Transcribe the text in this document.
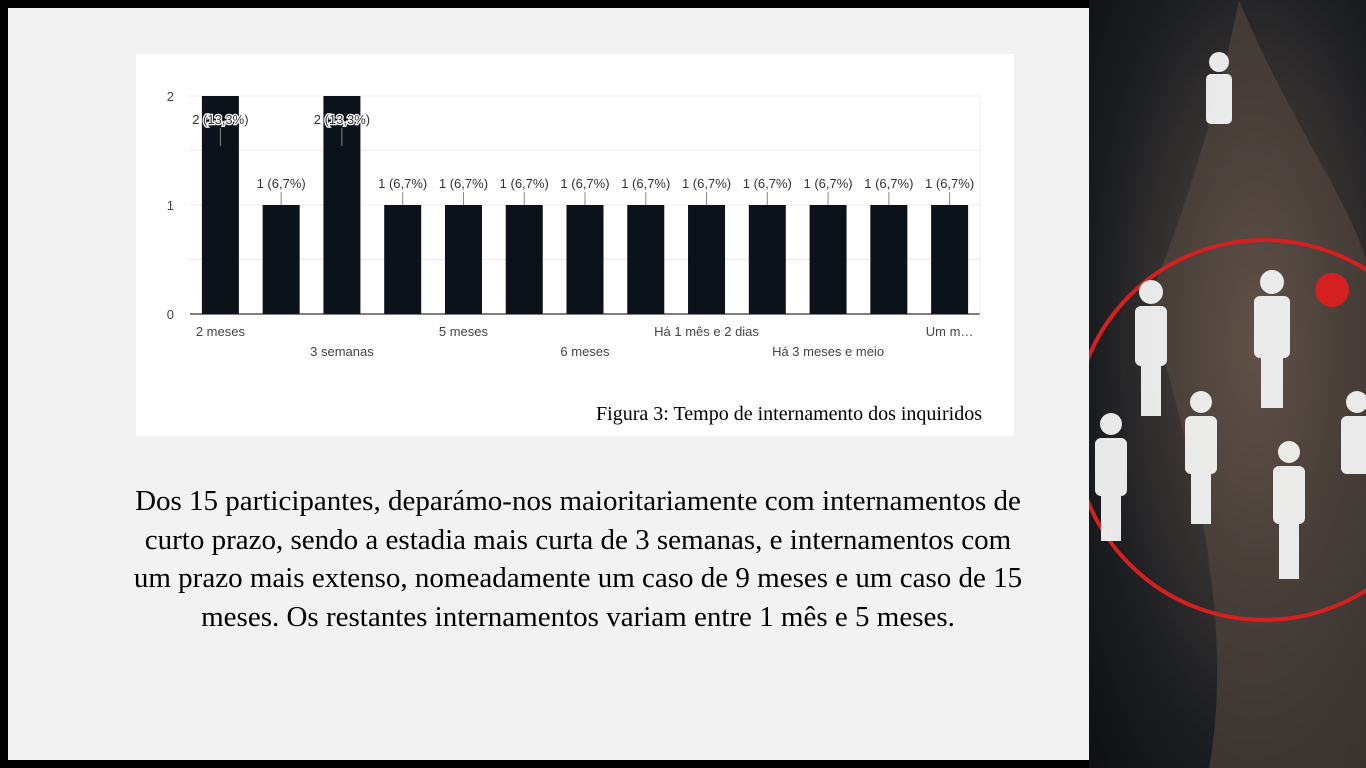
0
1
2
2 (13,3%)
2 meses
1 (6,7%)
2 (13,3%)
3 semanas
1 (6,7%) 1 (6,7%)
5 meses
1 (6,7%) 1 (6,7%)
6 meses
1 (6,7%) 1 (6,7%)
Há 1 mês e 2 dias
1 (6,7%) 1 (6,7%)
Há 3 meses e meio
1 (6,7%) 1 (6,7%)
Um m…
Figura 3: Tempo de internamento dos inquiridos
Dos 15 participantes, deparámo-nos maioritariamente com internamentos de curto prazo, sendo a estadia mais curta de 3 semanas, e internamentos com um prazo mais extenso, nomeadamente um caso de 9 meses e um caso de 15 meses. Os restantes internamentos variam entre 1 mês e 5 meses.
